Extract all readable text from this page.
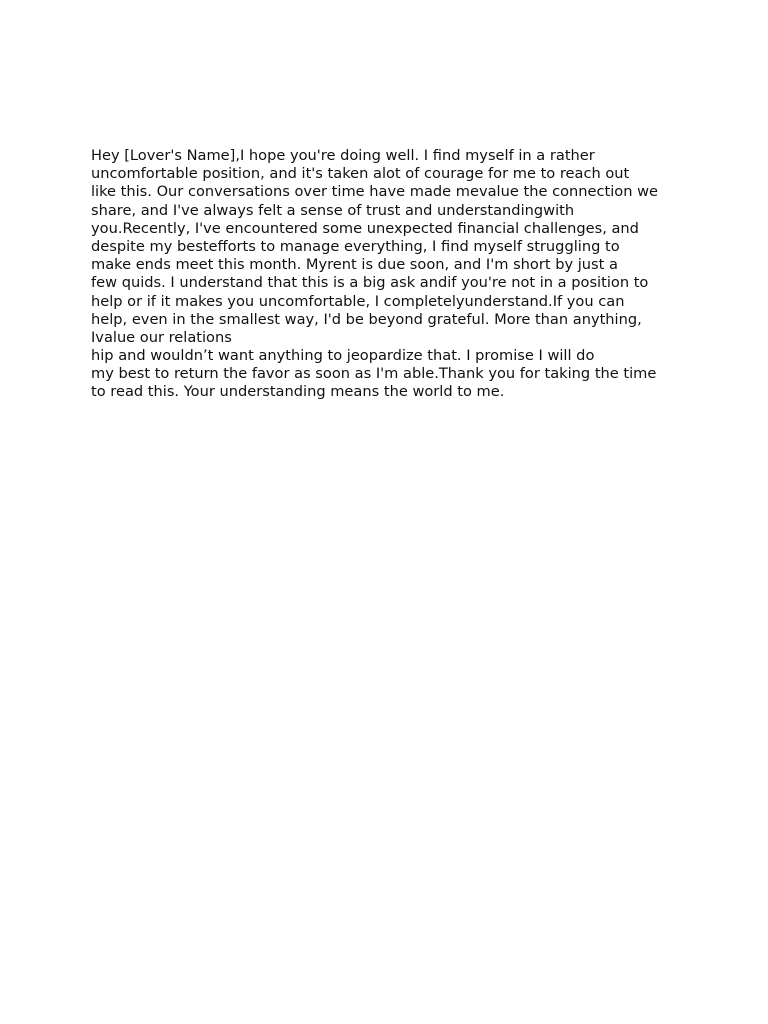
Hey [Lover's Name],I hope you're doing well. I find myself in a rather
uncomfortable position, and it's taken alot of courage for me to reach out
like this. Our conversations over time have made mevalue the connection we
share, and I've always felt a sense of trust and understandingwith
you.Recently, I've encountered some unexpected financial challenges, and
despite my bestefforts to manage everything, I find myself struggling to
make ends meet this month. Myrent is due soon, and I'm short by just a
few quids. I understand that this is a big ask andif you're not in a position to
help or if it makes you uncomfortable, I completelyunderstand.If you can
help, even in the smallest way, I'd be beyond grateful. More than anything,
Ivalue our relations
hip and wouldn’t want anything to jeopardize that. I promise I will do
my best to return the favor as soon as I'm able.Thank you for taking the time
to read this. Your understanding means the world to me.
